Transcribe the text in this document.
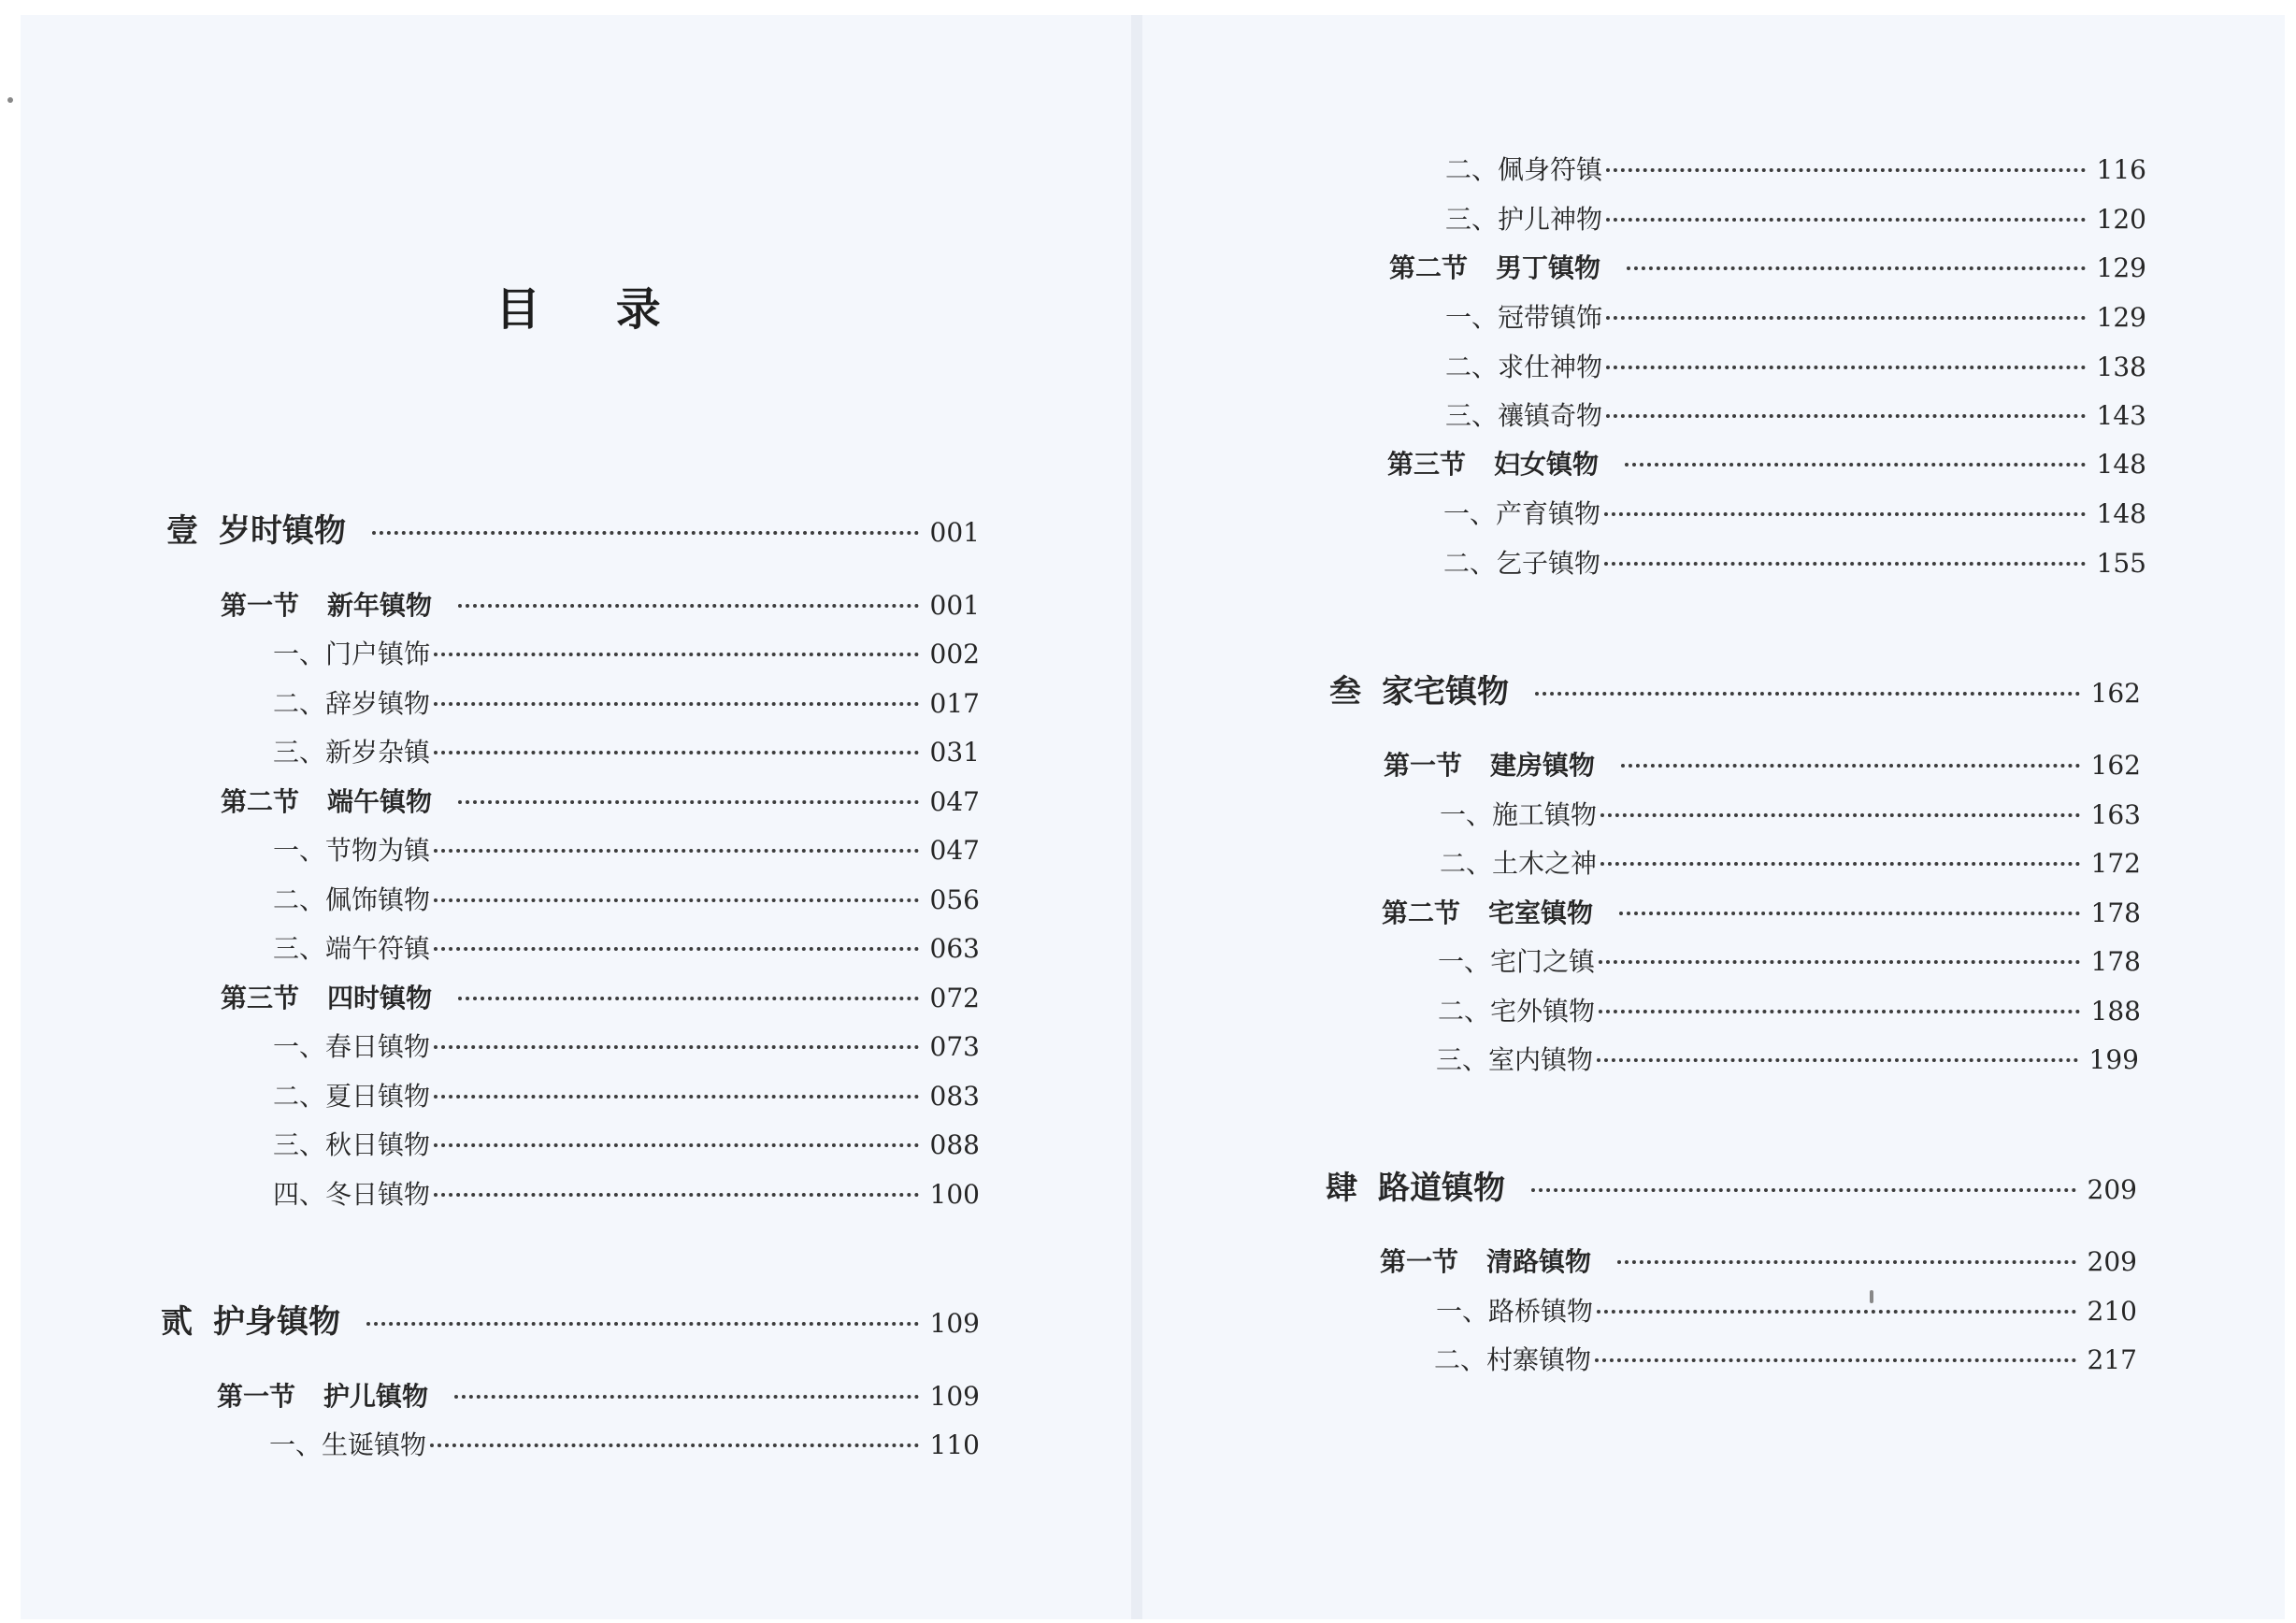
目 录
壹 岁时镇物	001
第一节 新年镇物	001
一、 门户镇饰	002
二、 辞岁镇物	017
三、 新岁杂镇	031
第二节 端午镇物	047
一、 节物为镇	047
二、 佩饰镇物	056
三、 端午符镇	063
第三节 四时镇物	072
一、 春日镇物	073
二、 夏日镇物	083
三、 秋日镇物	088
四、 冬日镇物	100
贰 护身镇物	109
第一节 护儿镇物	109
一、 生诞镇物	110
二、 佩身符镇	116
三、 护儿神物	120
第二节 男丁镇物	129
一、 冠带镇饰	129
二、 求仕神物	138
三、 禳镇奇物	143
第三节 妇女镇物	148
一、 产育镇物	148
二、 乞子镇物	155
叁 家宅镇物	162
第一节 建房镇物	162
一、 施工镇物	163
二、 土木之神	172
第二节 宅室镇物	178
一、 宅门之镇	178
二、 宅外镇物	188
三、 室内镇物	199
肆 路道镇物	209
第一节 清路镇物	209
一、 路桥镇物	210
二、 村寨镇物	217
